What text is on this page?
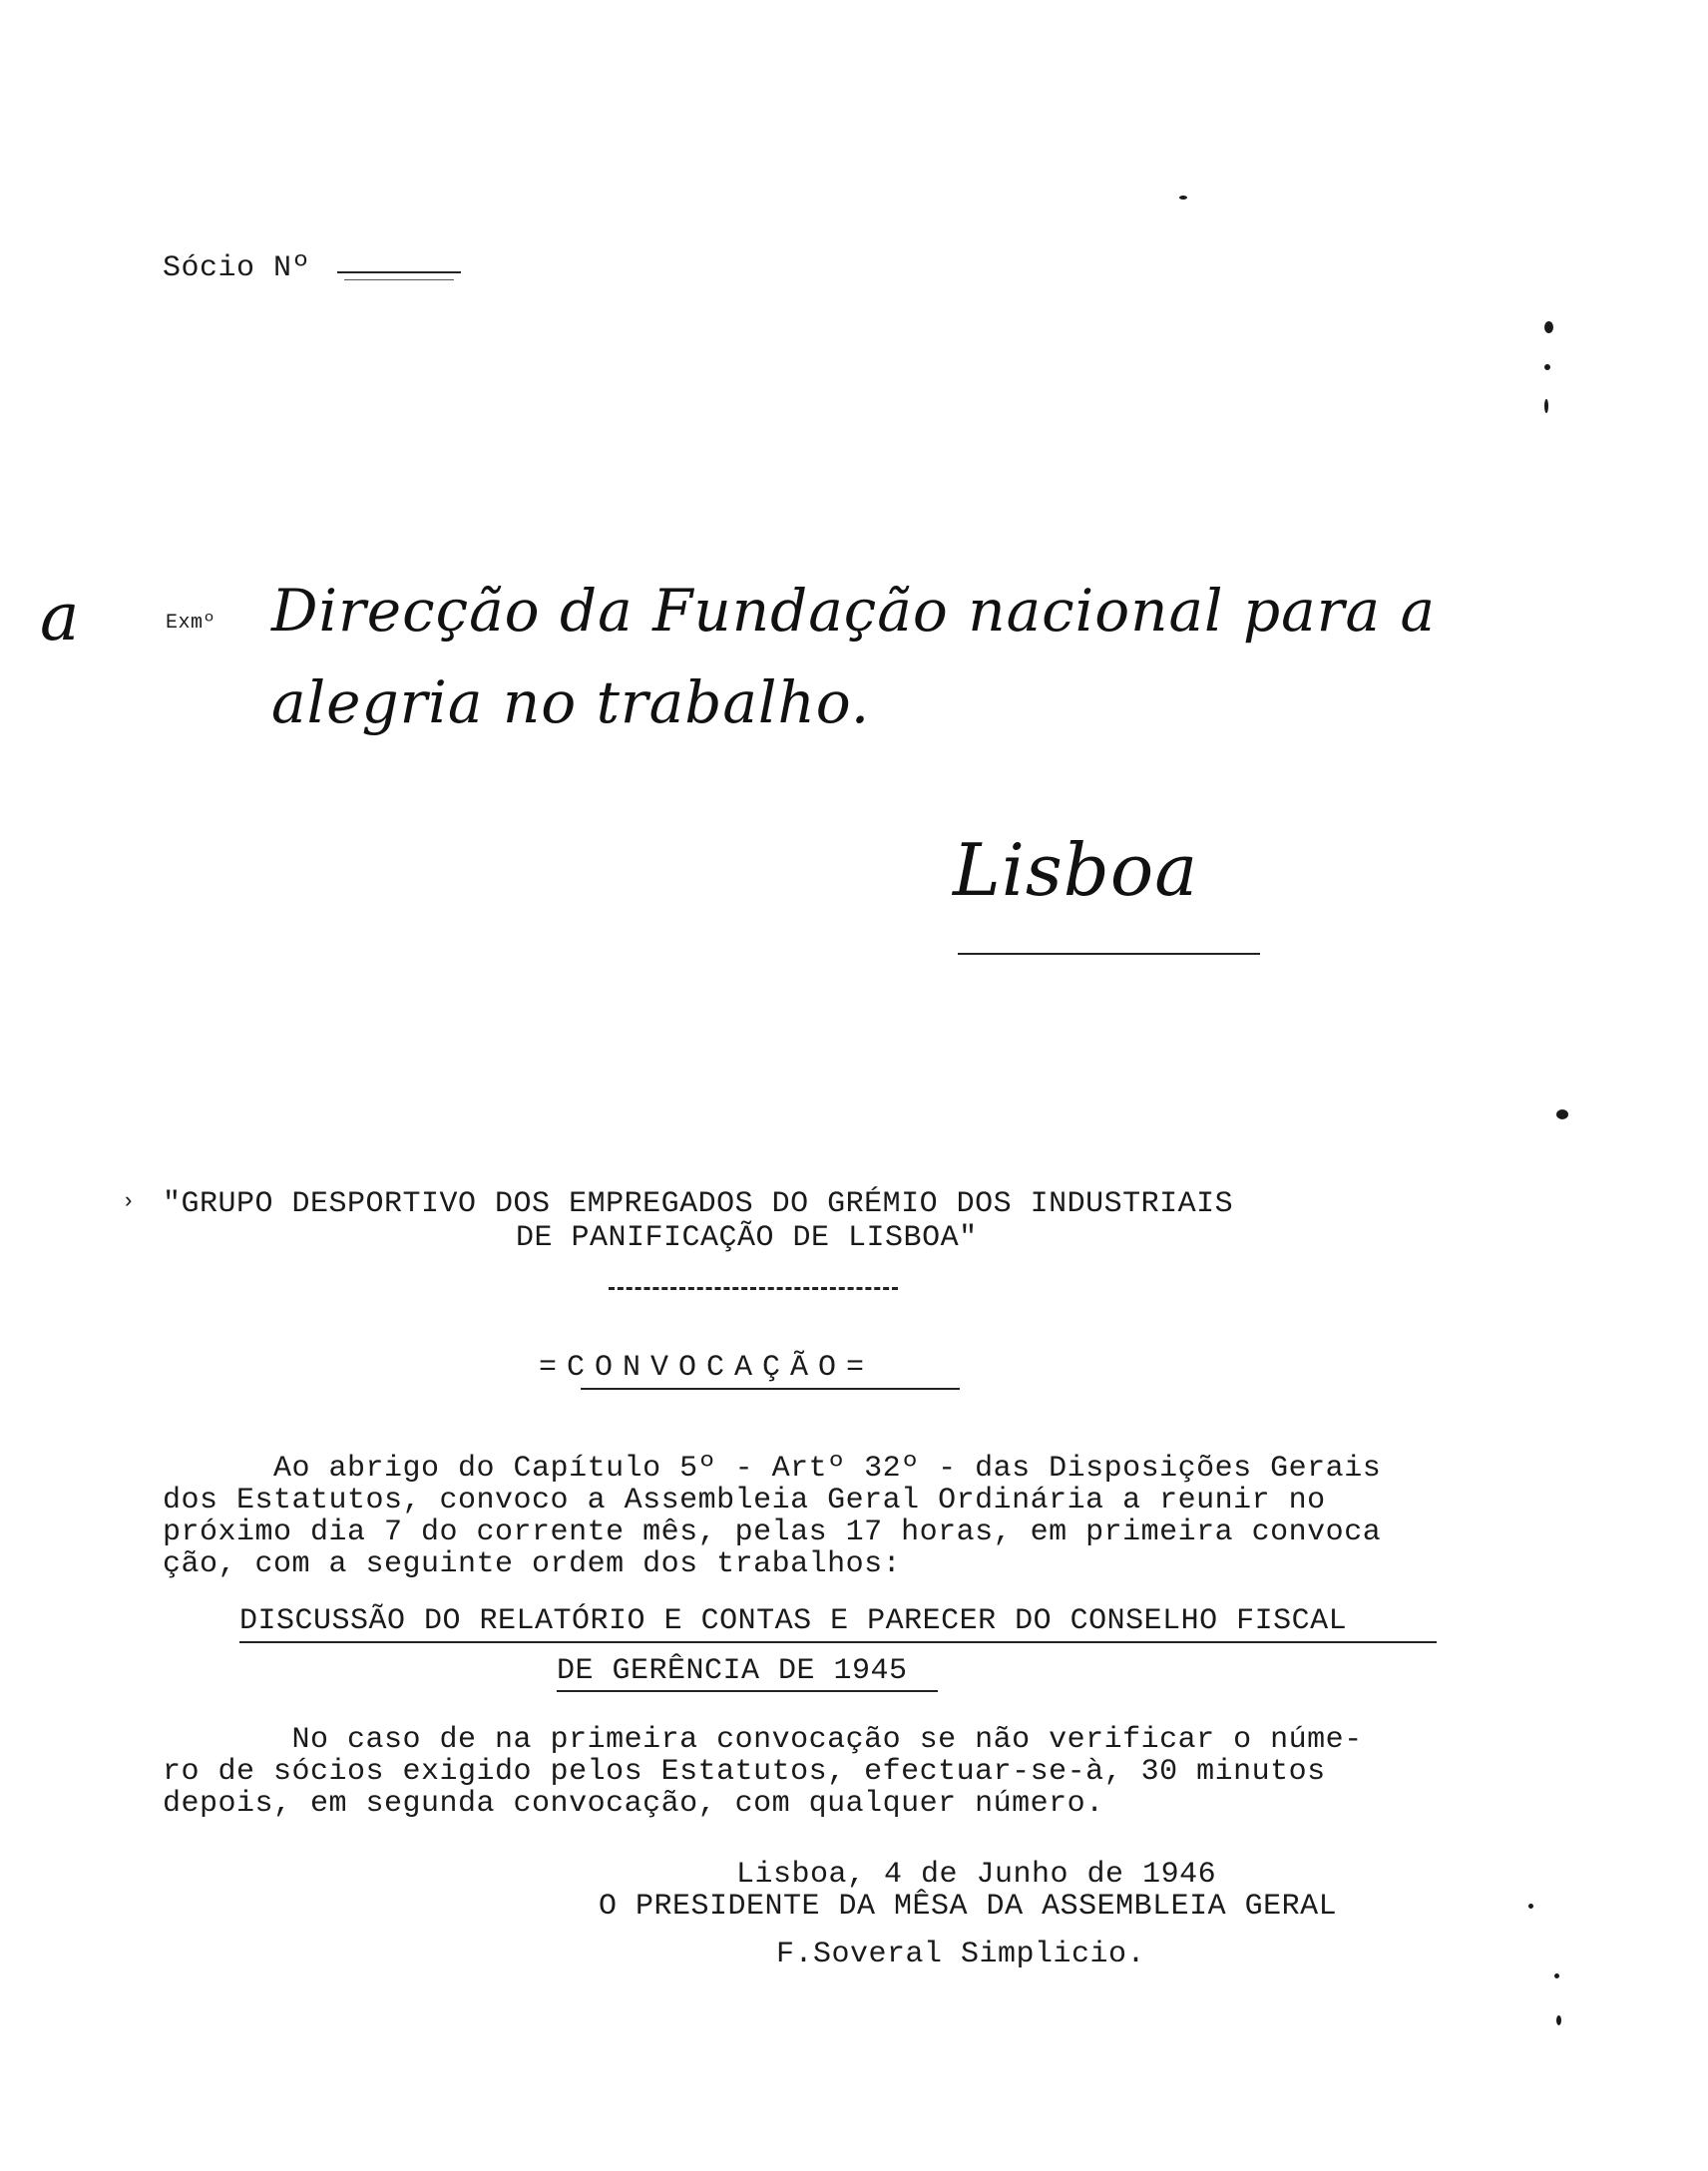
Sócio Nº
a	Exmº Direcção da Fundação nacional para a
alegria no trabalho.
Lisboa
› "GRUPO DESPORTIVO DOS EMPREGADOS DO GRÉMIO DOS INDUSTRIAIS
DE PANIFICAÇÃO DE LISBOA"
=CONVOCAÇÃO=
Ao abrigo do Capítulo 5º - Artº 32º - das Disposições Gerais
dos Estatutos, convoco a Assembleia Geral Ordinária a reunir no
próximo dia 7 do corrente mês, pelas 17 horas, em primeira convoca
ção, com a seguinte ordem dos trabalhos:
DISCUSSÃO DO RELATÓRIO E CONTAS E PARECER DO CONSELHO FISCAL
DE GERÊNCIA DE 1945
No caso de na primeira convocação se não verificar o núme-
ro de sócios exigido pelos Estatutos, efectuar-se-à, 30 minutos
depois, em segunda convocação, com qualquer número.
Lisboa, 4 de Junho de 1946
O PRESIDENTE DA MÊSA DA ASSEMBLEIA GERAL
F.Soveral Simplicio.
